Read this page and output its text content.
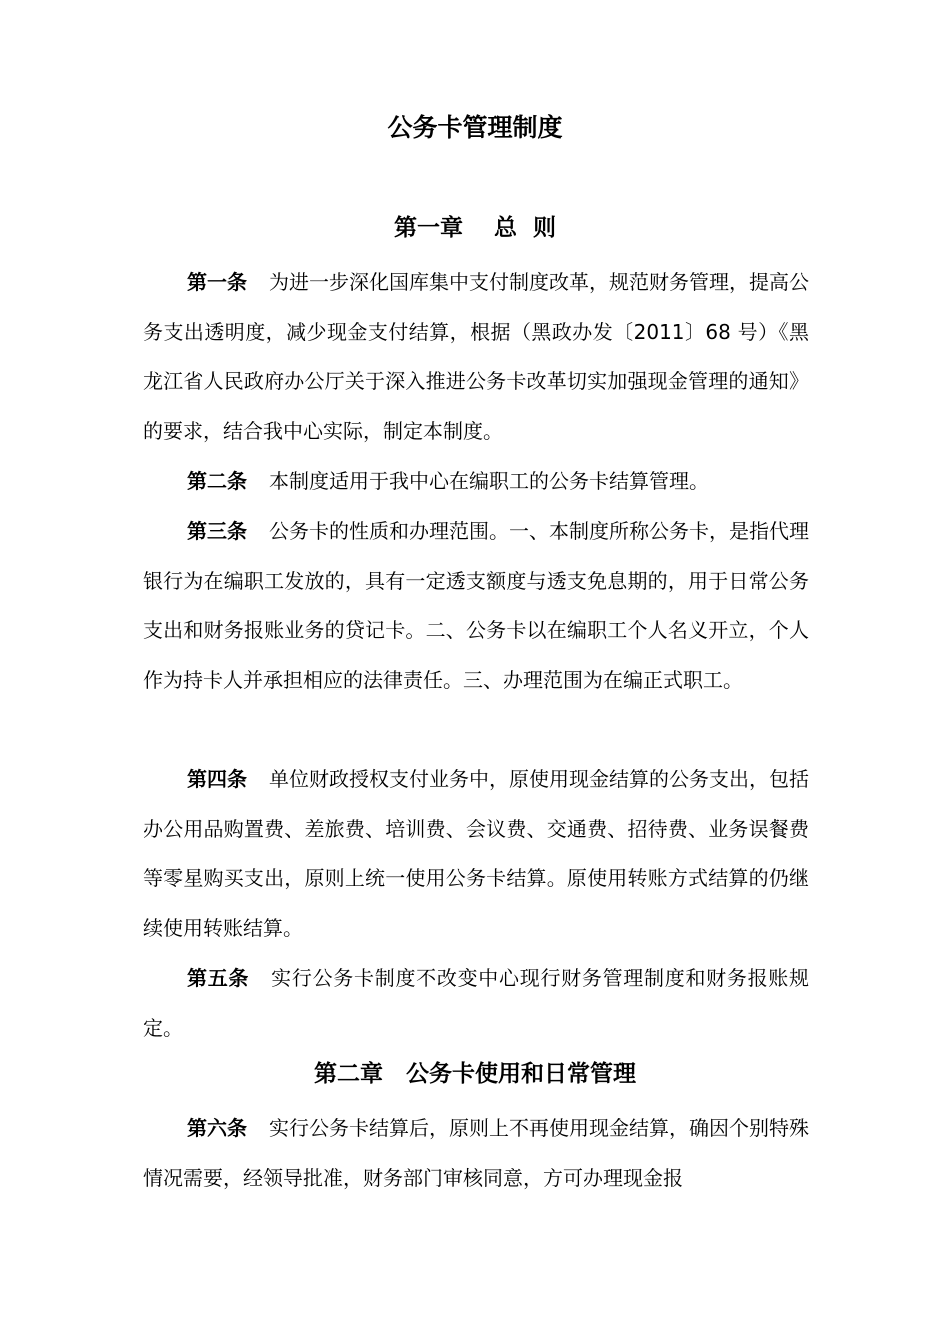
公务卡管理制度
第一章　 总  则

第一条 为进一步深化国库集中支付制度改革，规范财务管理，提高公务支出透明度，减少现金支付结算，根据（黑政办发〔2011〕68 号）《黑龙江省人民政府办公厅关于深入推进公务卡改革切实加强现金管理的通知》的要求，结合我中心实际，制定本制度。

第二条 本制度适用于我中心在编职工的公务卡结算管理。

第三条 公务卡的性质和办理范围。一、本制度所称公务卡，是指代理银行为在编职工发放的，具有一定透支额度与透支免息期的，用于日常公务支出和财务报账业务的贷记卡。二、公务卡以在编职工个人名义开立，个人作为持卡人并承担相应的法律责任。三、办理范围为在编正式职工。

第四条 单位财政授权支付业务中，原使用现金结算的公务支出，包括办公用品购置费、差旅费、培训费、会议费、交通费、招待费、业务误餐费等零星购买支出，原则上统一使用公务卡结算。原使用转账方式结算的仍继续使用转账结算。

第五条 实行公务卡制度不改变中心现行财务管理制度和财务报账规定。

第二章　公务卡使用和日常管理

第六条 实行公务卡结算后，原则上不再使用现金结算，确因个别特殊情况需要，经领导批准，财务部门审核同意，方可办理现金报
